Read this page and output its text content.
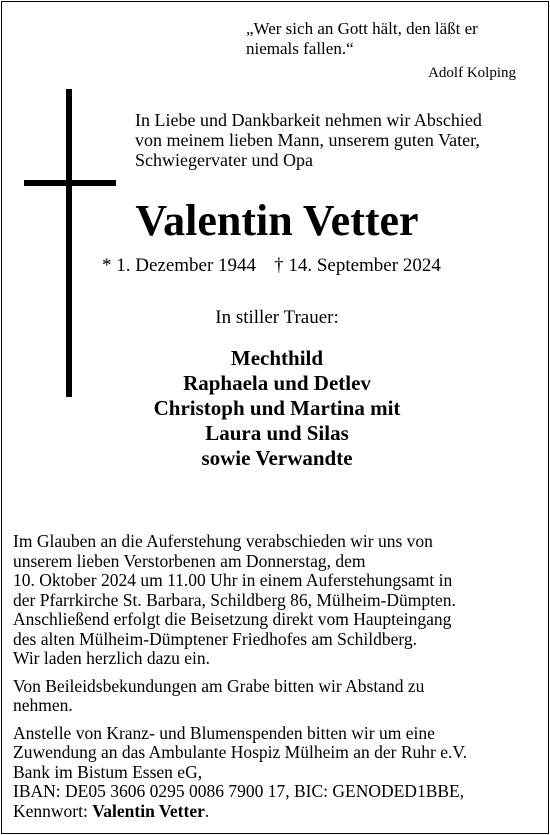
„Wer sich an Gott hält, den läßt er
niemals fallen.“
Adolf Kolping
In Liebe und Dankbarkeit nehmen wir Abschied
von meinem lieben Mann, unserem guten Vater,
Schwiegervater und Opa
Valentin Vetter
* 1. Dezember 1944 † 14. September 2024
In stiller Trauer:
Mechthild
Raphaela und Detlev
Christoph und Martina mit
Laura und Silas
sowie Verwandte

Im Glauben an die Auferstehung verabschieden wir uns von
unserem lieben Verstorbenen am Donnerstag, dem
10. Oktober 2024 um 11.00 Uhr in einem Auferstehungsamt in
der Pfarrkirche St. Barbara, Schildberg 86, Mülheim-Dümpten.
Anschließend erfolgt die Beisetzung direkt vom Haupteingang
des alten Mülheim-Dümptener Friedhofes am Schildberg.
Wir laden herzlich dazu ein.

Von Beileidsbekundungen am Grabe bitten wir Abstand zu
nehmen.

Anstelle von Kranz- und Blumenspenden bitten wir um eine
Zuwendung an das Ambulante Hospiz Mülheim an der Ruhr e.V.
Bank im Bistum Essen eG,
IBAN: DE05 3606 0295 0086 7900 17, BIC: GENODED1BBE,
Kennwort: Valentin Vetter.
